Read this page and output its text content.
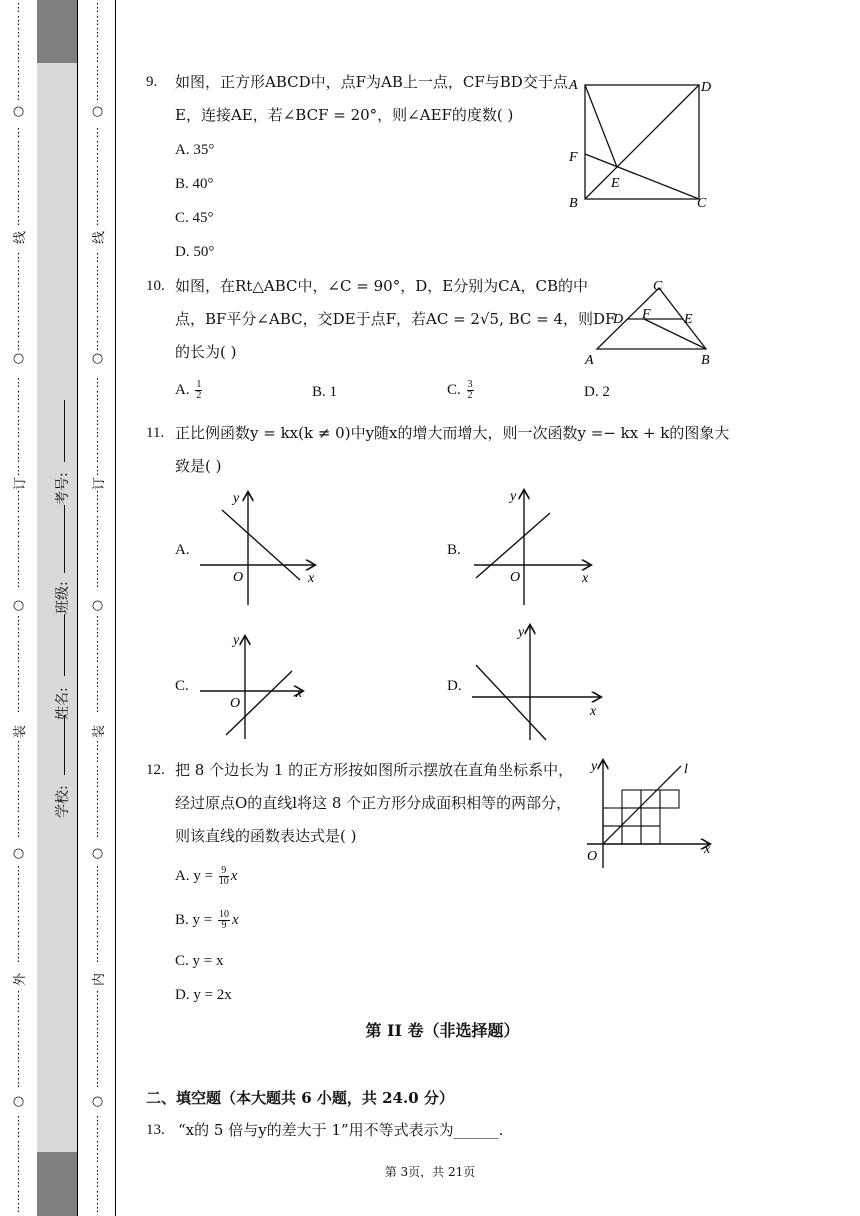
⋮
⋮
⋮
⋮
⋮
⋮
⋮
⋮
⋮
⋮
⋮
⋮
⋮
⋮
⋮
⋮
⋮
⋮
⋮
⋮
⋮
⋮
⋮
⋮
⋮
⋮
⋮
⋮
⋮
⋮
⋮
⋮
⋮
⋮
⋮
⋮
⋮
⋮
⋮
⋮
⋮
⋮
⋮
⋮
⋮
⋮
⋮
⋮
⋮
⋮
⋮
⋮
⋮
⋮
⋮
⋮
⋮
⋮
⋮
⋮
⋮
⋮
⋮
⋮
⋮
⋮
⋮
⋮
⋮
⋮
⋮
⋮
⋮
⋮
⋮
⋮
⋮
⋮
⋮
⋮
○
○
○
○
○
线
订
装
外
⋮
⋮
⋮
⋮
⋮
⋮
⋮
⋮
⋮
⋮
⋮
⋮
⋮
⋮
⋮
⋮
⋮
⋮
⋮
⋮
⋮
⋮
⋮
⋮
⋮
⋮
⋮
⋮
⋮
⋮
⋮
⋮
⋮
⋮
⋮
⋮
⋮
⋮
⋮
⋮
⋮
⋮
⋮
⋮
⋮
⋮
⋮
⋮
⋮
⋮
⋮
⋮
⋮
⋮
⋮
⋮
⋮
⋮
⋮
⋮
⋮
⋮
⋮
⋮
⋮
⋮
⋮
⋮
⋮
⋮
⋮
⋮
⋮
⋮
⋮
⋮
⋮
⋮
⋮
⋮
○
○
○
○
○
线
订
装
内
学校:
姓名:
班级:
考号:
9. 如图，正方形ABCD中，点F为AB上一点，CF与BD交于点
E，连接AE，若∠BCF = 20°，则∠AEF的度数( )
A. 35°
B. 40°
C. 45°
D. 50°
A	D
F
E
B	C
10. 如图，在Rt△ABC中，∠C = 90°，D，E分别为CA，CB的中
点，BF平分∠ABC，交DE于点F，若AC = 2√5, BC = 4，则DF
的长为( )
A. $\frac{1}{2}$	B. 1	C. $\frac{3}{2}$	D. 2
C
D F E
A	B
11. 正比例函数y = kx(k ≠ 0)中y随x的增大而增大，则一次函数y =− kx + k的图象大
致是( )
A.	B.
C.	D.
y
x
O
y
x
O
y
x
O
y
x
12. 把 8 个边长为 1 的正方形按如图所示摆放在直角坐标系中，
经过原点O的直线l将这 8 个正方形分成面积相等的两部分，
则该直线的函数表达式是( )
A. $y = \frac{9}{10}$ x
B. $y = \frac{10}{9}$ x
C. y = x
D. y = 2x
y
x
O
l
第 II 卷（非选择题）
二、填空题（本大题共 6 小题，共 24.0 分）
13. “x的 5 倍与y的差大于 1”用不等式表示为______.
第 3页，共 21页
